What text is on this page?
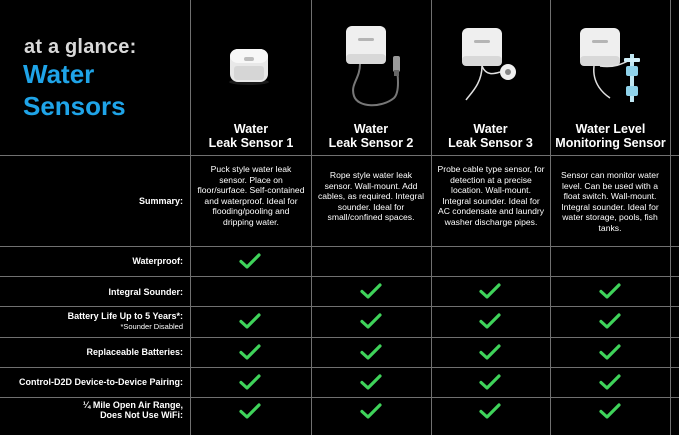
at a glance:
Water
Sensors
Water
Leak Sensor 1
Water
Leak Sensor 2
Water
Leak Sensor 3
Water Level
Monitoring Sensor
Summary:
Puck style water leak sensor. Place on floor/surface. Self-contained and waterproof. Ideal for flooding/pooling and dripping water.
Rope style water leak sensor. Wall-mount. Add cables, as required. Integral sounder. Ideal for small/confined spaces.
Probe cable type sensor, for detection at a precise location. Wall-mount. Integral sounder. Ideal for AC condensate and laundry washer discharge pipes.
Sensor can monitor water level. Can be used with a float switch. Wall-mount. Integral sounder. Ideal for water storage, pools, fish tanks.
Waterproof:
Integral Sounder:
Battery Life Up to 5 Years*:
*Sounder Disabled
Replaceable Batteries:
Control-D2D Device-to-Device Pairing:
¼ Mile Open Air Range,
Does Not Use WiFi:
